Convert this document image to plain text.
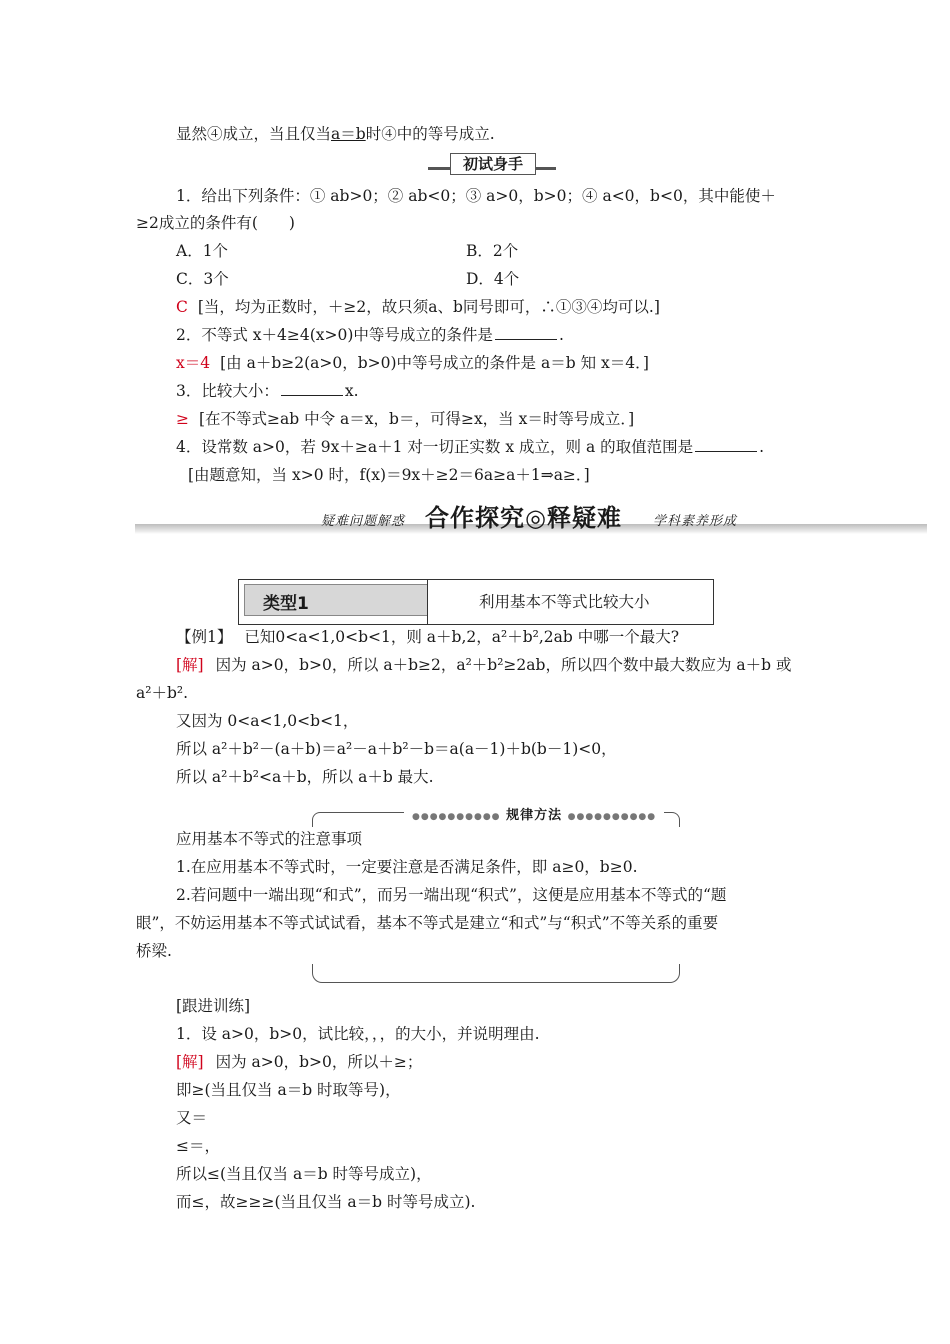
显然④成立，当且仅当a＝b时④中的等号成立.
初试身手
1．给出下列条件：① ab>0；② ab<0；③ a>0，b>0；④ a<0，b<0，其中能使＋
≥2成立的条件有(　　)
A．1个	B．2个
C．3个	D．4个
C [当，均为正数时，＋≥2，故只须a、b同号即可，∴①③④均可以.]
2．不等式 x＋4≥4(x>0)中等号成立的条件是	.
x＝4 [由 a＋b≥2(a>0，b>0)中等号成立的条件是 a＝b 知 x＝4．]
3．比较大小：	x.
≥ [在不等式≥ab 中令 a＝x，b＝，可得≥x，当 x＝时等号成立．]
4．设常数 a>0，若 9x＋≥a＋1 对一切正实数 x 成立，则 a 的取值范围是	.
[由题意知，当 x>0 时，f(x)＝9x＋≥2＝6a≥a＋1⇒a≥．]
疑难问题解惑 合作探究◎释疑难 学科素养形成
类型1	利用基本不等式比较大小
【例1】 已知0<a<1,0<b<1，则 a＋b,2，a²＋b²,2ab 中哪一个最大?
[解] 因为 a>0，b>0，所以 a＋b≥2，a²＋b²≥2ab，所以四个数中最大数应为 a＋b 或
a²＋b².
又因为 0<a<1,0<b<1，
所以 a²＋b²－(a＋b)＝a²－a＋b²－b＝a(a－1)＋b(b－1)<0，
所以 a²＋b²<a＋b，所以 a＋b 最大.
●●●●●●●●●● 规律方法 ●●●●●●●●●●
应用基本不等式的注意事项
1.在应用基本不等式时，一定要注意是否满足条件，即 a≥0，b≥0.
2.若问题中一端出现“和式”，而另一端出现“积式”，这便是应用基本不等式的“题
眼”，不妨运用基本不等式试试看，基本不等式是建立“和式”与“积式”不等关系的重要
桥梁.
[跟进训练]
1．设 a>0，b>0，试比较，，，的大小，并说明理由.
[解] 因为 a>0，b>0，所以＋≥；
即≥(当且仅当 a＝b 时取等号)，
又＝
≤＝，
所以≤(当且仅当 a＝b 时等号成立)，
而≤，故≥≥≥(当且仅当 a＝b 时等号成立).
